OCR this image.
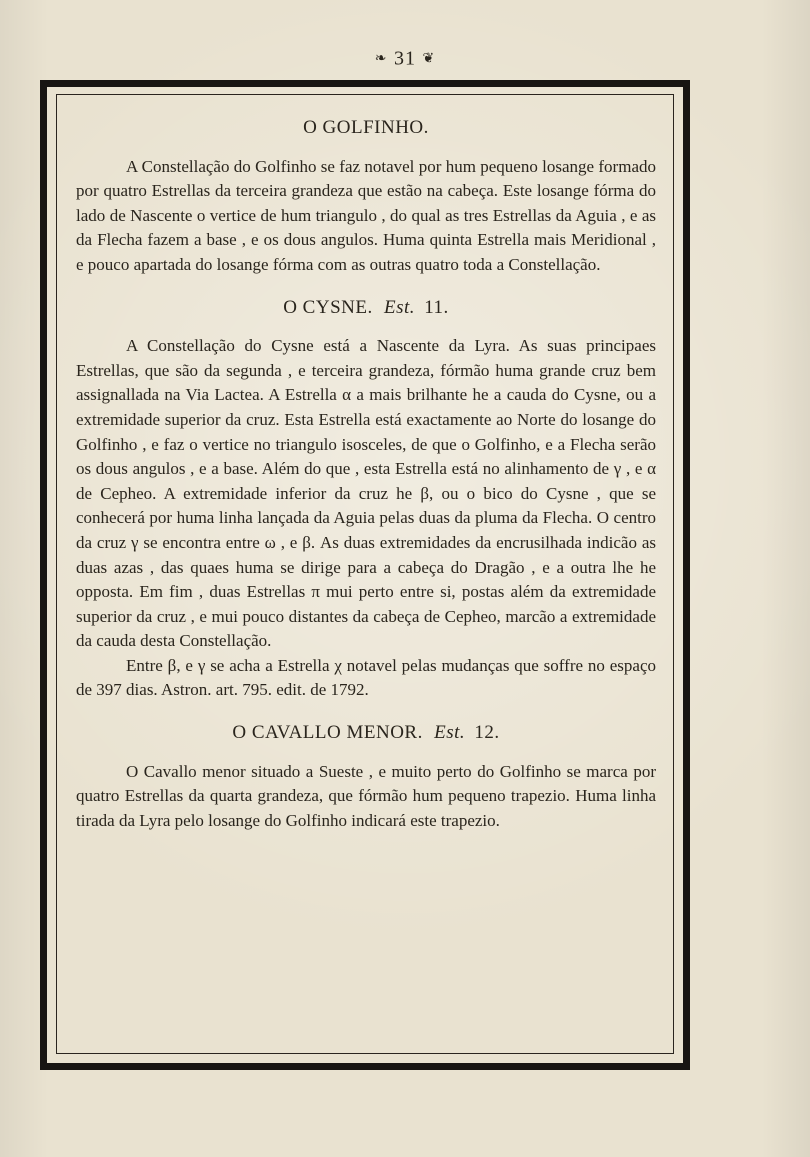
❧ 31 ❦
O GOLFINHO.

A Constellação do Golfinho se faz notavel por hum pequeno losange formado por quatro Estrellas da terceira grandeza que estão na cabeça. Este losange fórma do lado de Nascente o vertice de hum triangulo , do qual as tres Estrellas da Aguia , e as da Flecha fazem a base , e os dous angulos. Huma quinta Estrella mais Meridional , e pouco apartada do losange fórma com as outras quatro toda a Constellação.

O CYSNE. Est. 11.

A Constellação do Cysne está a Nascente da Lyra. As suas principaes Estrellas, que são da segunda , e terceira grandeza, fórmão huma grande cruz bem assignallada na Via Lactea. A Estrella α a mais brilhante he a cauda do Cysne, ou a extremidade superior da cruz. Esta Estrella está exactamente ao Norte do losange do Golfinho , e faz o vertice no triangulo isosceles, de que o Golfinho, e a Flecha serão os dous angulos , e a base. Além do que , esta Estrella está no alinhamento de γ , e α de Cepheo. A extremidade inferior da cruz he β, ou o bico do Cysne , que se conhecerá por huma linha lançada da Aguia pelas duas da pluma da Flecha. O centro da cruz γ se encontra entre ω , e β. As duas extremidades da encrusilhada indicão as duas azas , das quaes huma se dirige para a cabeça do Dragão , e a outra lhe he opposta. Em fim , duas Estrellas π mui perto entre si, postas além da extremidade superior da cruz , e mui pouco distantes da cabeça de Cepheo, marcão a extremidade da cauda desta Constellação.

Entre β, e γ se acha a Estrella χ notavel pelas mudanças que soffre no espaço de 397 dias. Astron. art. 795. edit. de 1792.

O CAVALLO MENOR. Est. 12.

O Cavallo menor situado a Sueste , e muito perto do Golfinho se marca por quatro Estrellas da quarta grandeza, que fórmão hum pequeno trapezio. Huma linha tirada da Lyra pelo losange do Golfinho indicará este trapezio.
